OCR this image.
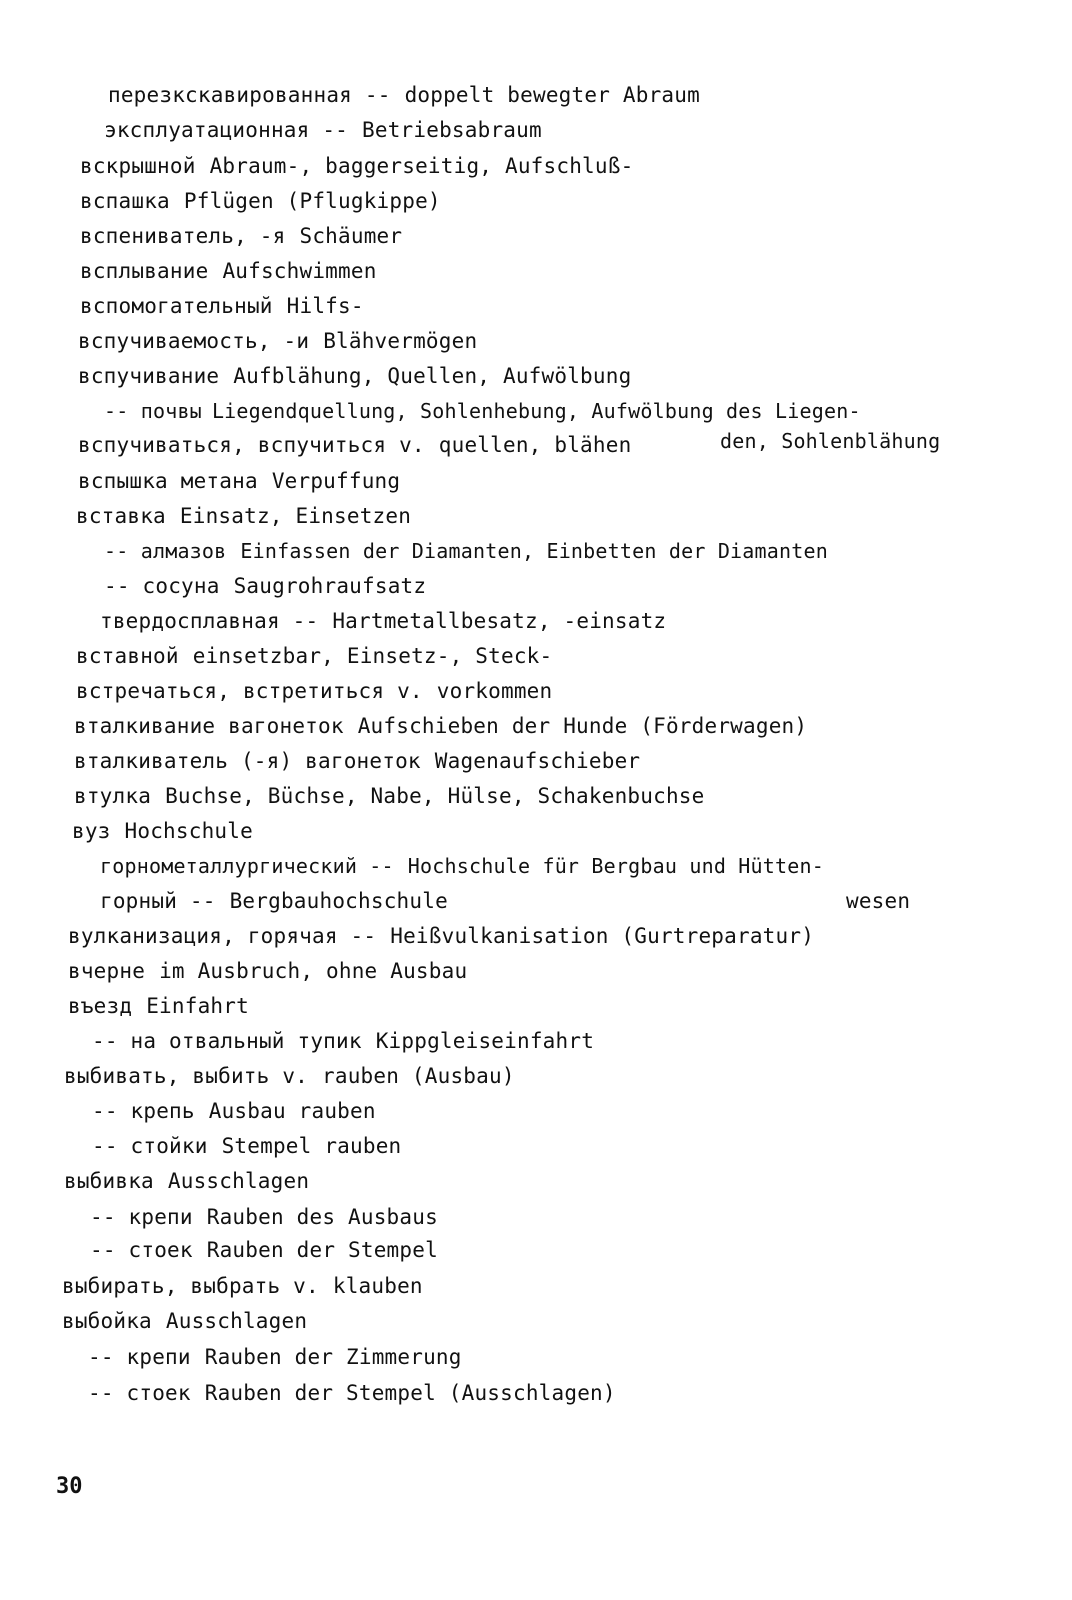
перезкскавированная -- doppelt bewegter Abraum
эксплуатационная -- Betriebsabraum
вскрышной Abraum-, baggerseitig, Aufschluß-
вспашка Pflügen (Pflugkippe)
вспениватель, -я Schäumer
всплывание Aufschwimmen
вспомогательный Hilfs-
вспучиваемость, -и Blähvermögen
вспучивание Aufblähung, Quellen, Aufwölbung
-- почвы Liegendquellung, Sohlenhebung, Aufwölbung des Liegen-
вспучиваться, вспучиться v. quellen, blähen	den, Sohlenblähung
вспышка метана Verpuffung
вставка Einsatz, Einsetzen
-- алмазов Einfassen der Diamanten, Einbetten der Diamanten
-- сосуна Saugrohraufsatz
твердосплавная -- Hartmetallbesatz, -einsatz
вставной einsetzbar, Einsetz-, Steck-
встречаться, встретиться v. vorkommen
вталкивание вагонеток Aufschieben der Hunde (Förderwagen)
вталкиватель (-я) вагонеток Wagenaufschieber
втулка Buchse, Büchse, Nabe, Hülse, Schakenbuchse
вуз Hochschule
горнометаллургический -- Hochschule für Bergbau und Hütten-
горный -- Bergbauhochschule	wesen
вулканизация, горячая -- Heißvulkanisation (Gurtreparatur)
вчерне im Ausbruch, ohne Ausbau
въезд Einfahrt
-- на отвальный тупик Kippgleiseinfahrt
выбивать, выбить v. rauben (Ausbau)
-- крепь Ausbau rauben
-- стойки Stempel rauben
выбивка Ausschlagen
-- крепи Rauben des Ausbaus
-- стоек Rauben der Stempel
выбирать, выбрать v. klauben
выбойка Ausschlagen
-- крепи Rauben der Zimmerung
-- стоек Rauben der Stempel (Ausschlagen)
30
